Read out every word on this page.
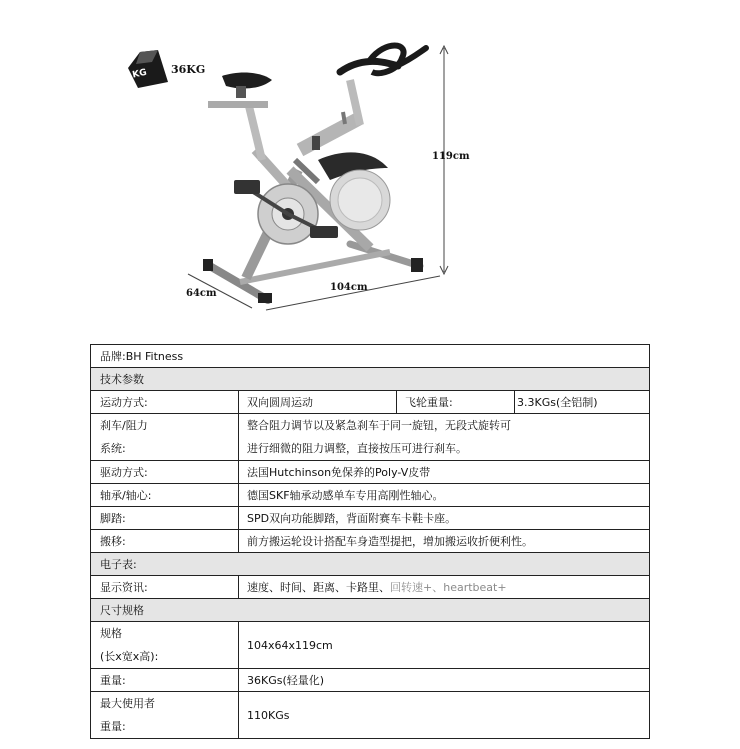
KG 36KG
119cm
104cm
64cm
品牌:BH Fitness			
技术参数			
运动方式:	双向圆周运动	飞轮重量:	3.3KGs(全铝制)

刹车/阻力
系统:	整合阻力调节以及紧急刹车于同一旋钮，无段式旋转可
进行细微的阻力调整，直接按压可进行刹车。		

驱动方式:	法国Hutchinson免保养的Poly-V皮带		
轴承/轴心:	德国SKF轴承动感单车专用高刚性轴心。		
脚踏:	SPD双向功能脚踏，背面附赛车卡鞋卡座。		
搬移:	前方搬运轮设计搭配车身造型提把，增加搬运收折便利性。		
电子表:			
显示资讯:	速度、时间、距离、卡路里、回转速+、heartbeat+		
尺寸规格			

规格
(长x宽x高):	104x64x119cm		
重量:	36KGs(轻量化)		

最大使用者
重量:	110KGs		
